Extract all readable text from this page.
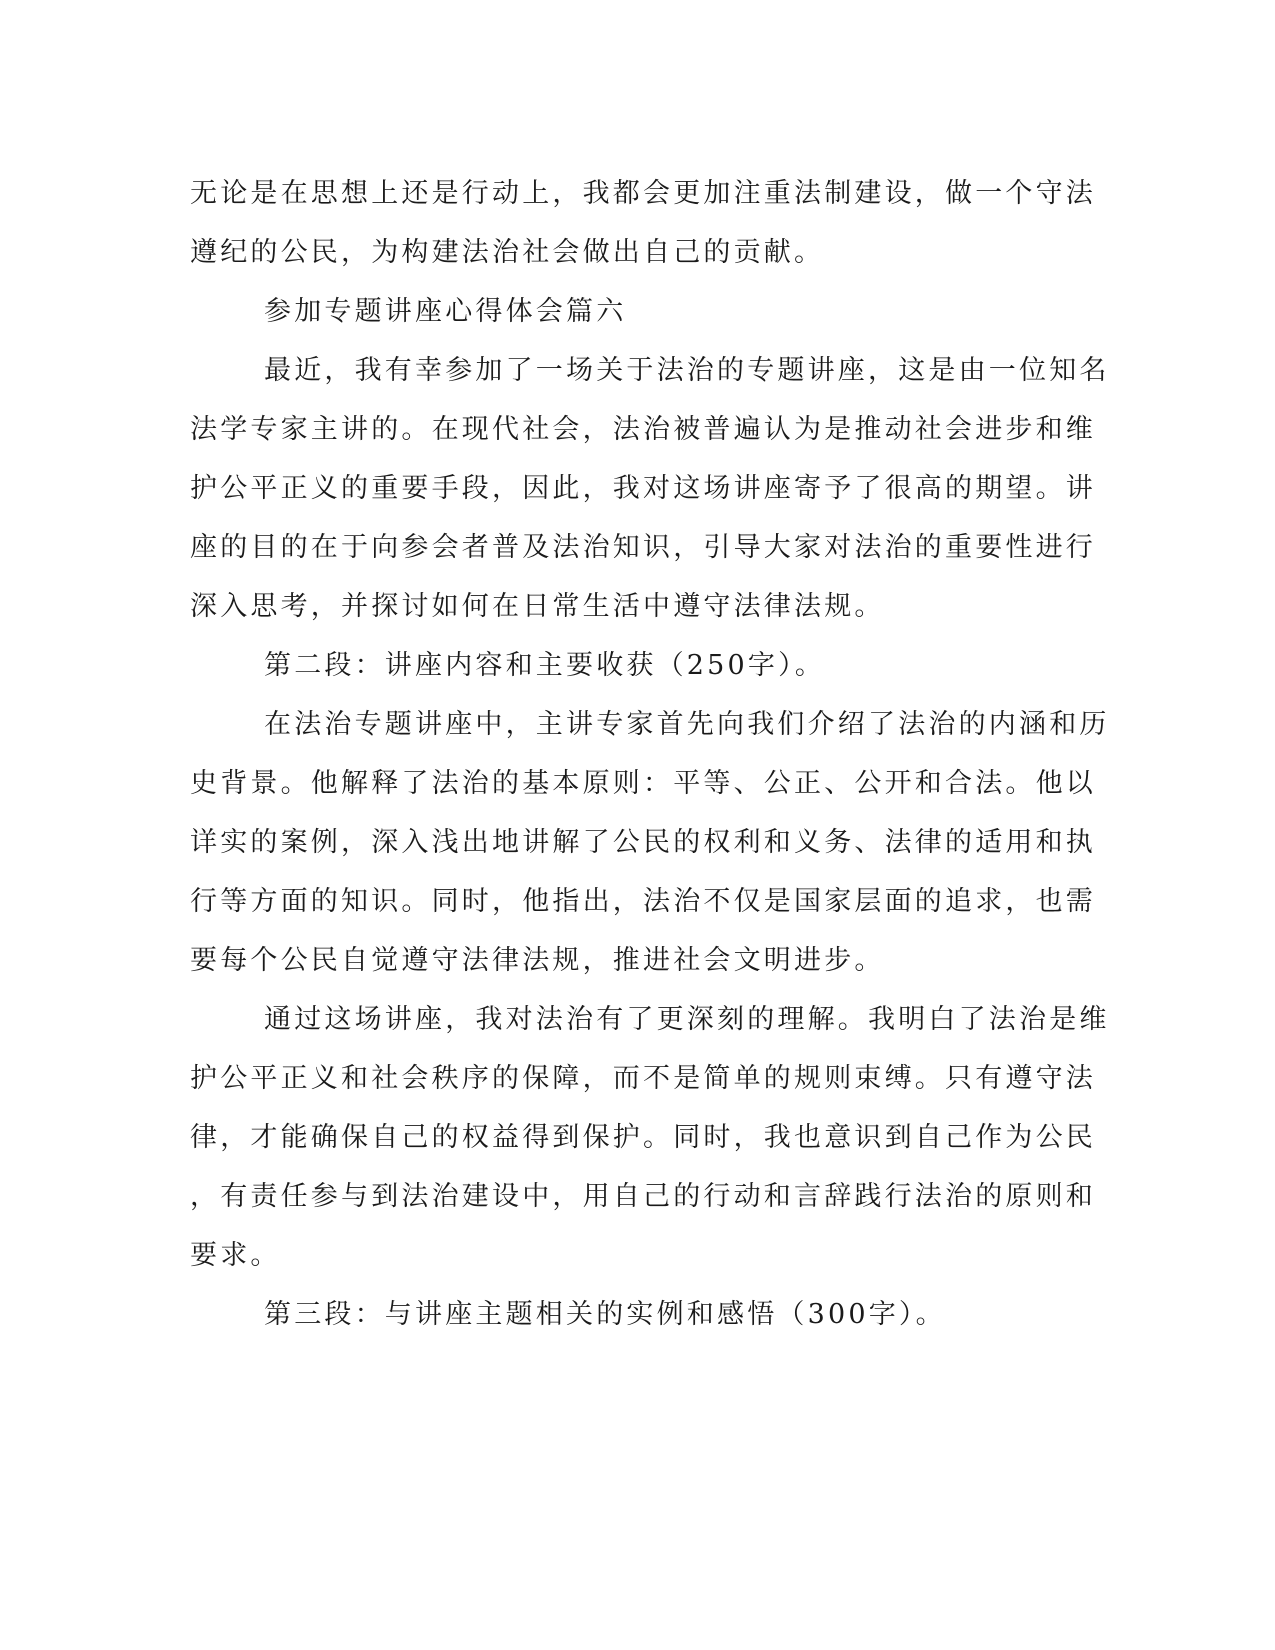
无论是在思想上还是行动上，我都会更加注重法制建设，做一个守法
遵纪的公民，为构建法治社会做出自己的贡献。
参加专题讲座心得体会篇六
最近，我有幸参加了一场关于法治的专题讲座，这是由一位知名
法学专家主讲的。在现代社会，法治被普遍认为是推动社会进步和维
护公平正义的重要手段，因此，我对这场讲座寄予了很高的期望。讲
座的目的在于向参会者普及法治知识，引导大家对法治的重要性进行
深入思考，并探讨如何在日常生活中遵守法律法规。
第二段：讲座内容和主要收获（250字）。
在法治专题讲座中，主讲专家首先向我们介绍了法治的内涵和历
史背景。他解释了法治的基本原则：平等、公正、公开和合法。他以
详实的案例，深入浅出地讲解了公民的权利和义务、法律的适用和执
行等方面的知识。同时，他指出，法治不仅是国家层面的追求，也需
要每个公民自觉遵守法律法规，推进社会文明进步。
通过这场讲座，我对法治有了更深刻的理解。我明白了法治是维
护公平正义和社会秩序的保障，而不是简单的规则束缚。只有遵守法
律，才能确保自己的权益得到保护。同时，我也意识到自己作为公民
，有责任参与到法治建设中，用自己的行动和言辞践行法治的原则和
要求。
第三段：与讲座主题相关的实例和感悟（300字）。
